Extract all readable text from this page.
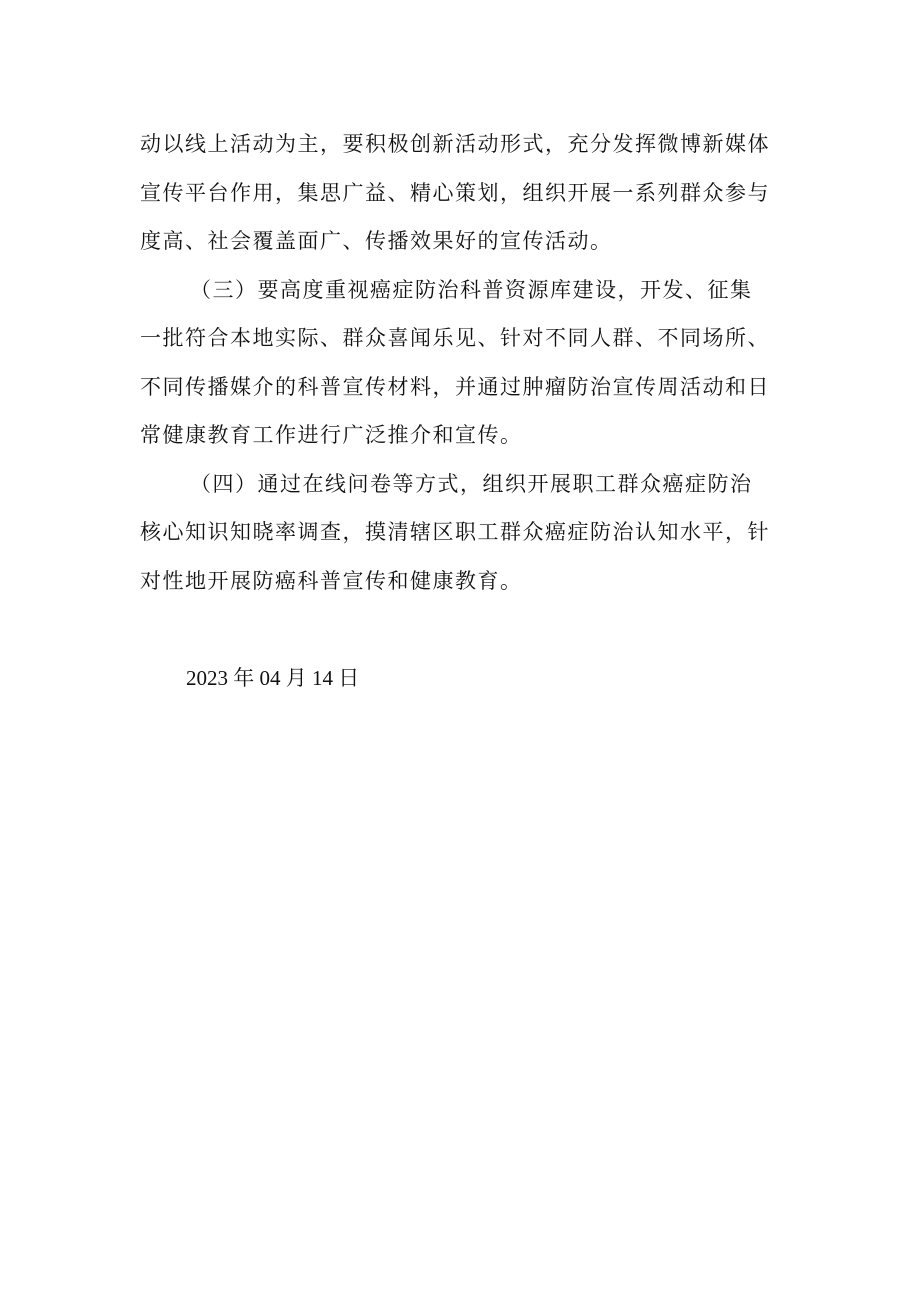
动以线上活动为主，要积极创新活动形式，充分发挥微博新媒体
宣传平台作用，集思广益、精心策划，组织开展一系列群众参与
度高、社会覆盖面广、传播效果好的宣传活动。
（三）要高度重视癌症防治科普资源库建设，开发、征集
一批符合本地实际、群众喜闻乐见、针对不同人群、不同场所、
不同传播媒介的科普宣传材料，并通过肿瘤防治宣传周活动和日
常健康教育工作进行广泛推介和宣传。
（四）通过在线问卷等方式，组织开展职工群众癌症防治
核心知识知晓率调查，摸清辖区职工群众癌症防治认知水平，针
对性地开展防癌科普宣传和健康教育。
2023 年 04 月 14 日
